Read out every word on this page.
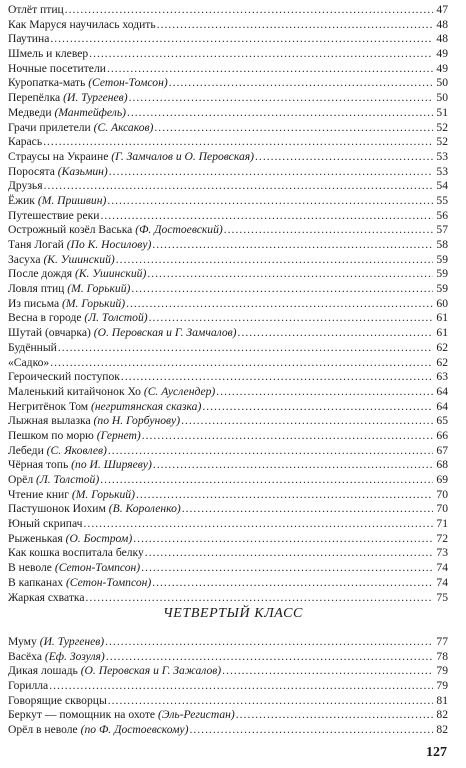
Отлёт птиц .....	47
Как Маруся научилась ходить .....	48
Паутина .....	48
Шмель и клевер .....	49
Ночные посетители .....	49
Куропатка-мать (Сетон-Томсон) .....	50
Перепёлка (И. Тургенев) .....	50
Медведи (Мантейфель) .....	51
Грачи прилетели (С. Аксаков) .....	52
Карась .....	52
Страусы на Украине (Г. Замчалов и О. Перовская) .....	53
Поросята (Казьмин) .....	53
Друзья .....	54
Ёжик (М. Пришвин) .....	55
Путешествие реки .....	56
Острожный козёл Васька (Ф. Достоевский) .....	57
Таня Логай (По К. Носилову) .....	58
Засуха (К. Ушинский) .....	59
После дождя (К. Ушинский) .....	59
Ловля птиц (М. Горький) .....	59
Из письма (М. Горький) .....	60
Весна в городе (Л. Толстой) .....	61
Шутай (овчарка) (О. Перовская и Г. Замчалов) .....	61
Будённый .....	62
«Садко» .....	62
Героический поступок .....	63
Маленький китайчонок Хо (С. Ауслендер) .....	64
Негритёнок Том (негритянская сказка) .....	64
Лыжная вылазка (по Н. Горбунову) .....	65
Пешком по морю (Гернет) .....	66
Лебеди (С. Яковлев) .....	67
Чёрная топь (по И. Ширяеву) .....	68
Орёл (Л. Толстой) .....	69
Чтение книг (М. Горький) .....	70
Пастушонок Иохим (В. Короленко) .....	70
Юный скрипач .....	71
Рыженькая (О. Бостром) .....	72
Как кошка воспитала белку .....	73
В неволе (Сетон-Томпсон) .....	74
В капканах (Сетон-Томпсон) .....	74
Жаркая схватка .....	75
ЧЕТВЕРТЫЙ КЛАСС
Муму (И. Тургенев) .....	77
Васёха (Еф. Зозуля) .....	78
Дикая лошадь (О. Перовская и Г. Зажалов) .....	79
Горилла .....	79
Говорящие скворцы .....	81
Беркут — помощник на охоте (Эль-Регистан) .....	82
Орёл в неволе (по Ф. Достоевскому) .....	82
127
